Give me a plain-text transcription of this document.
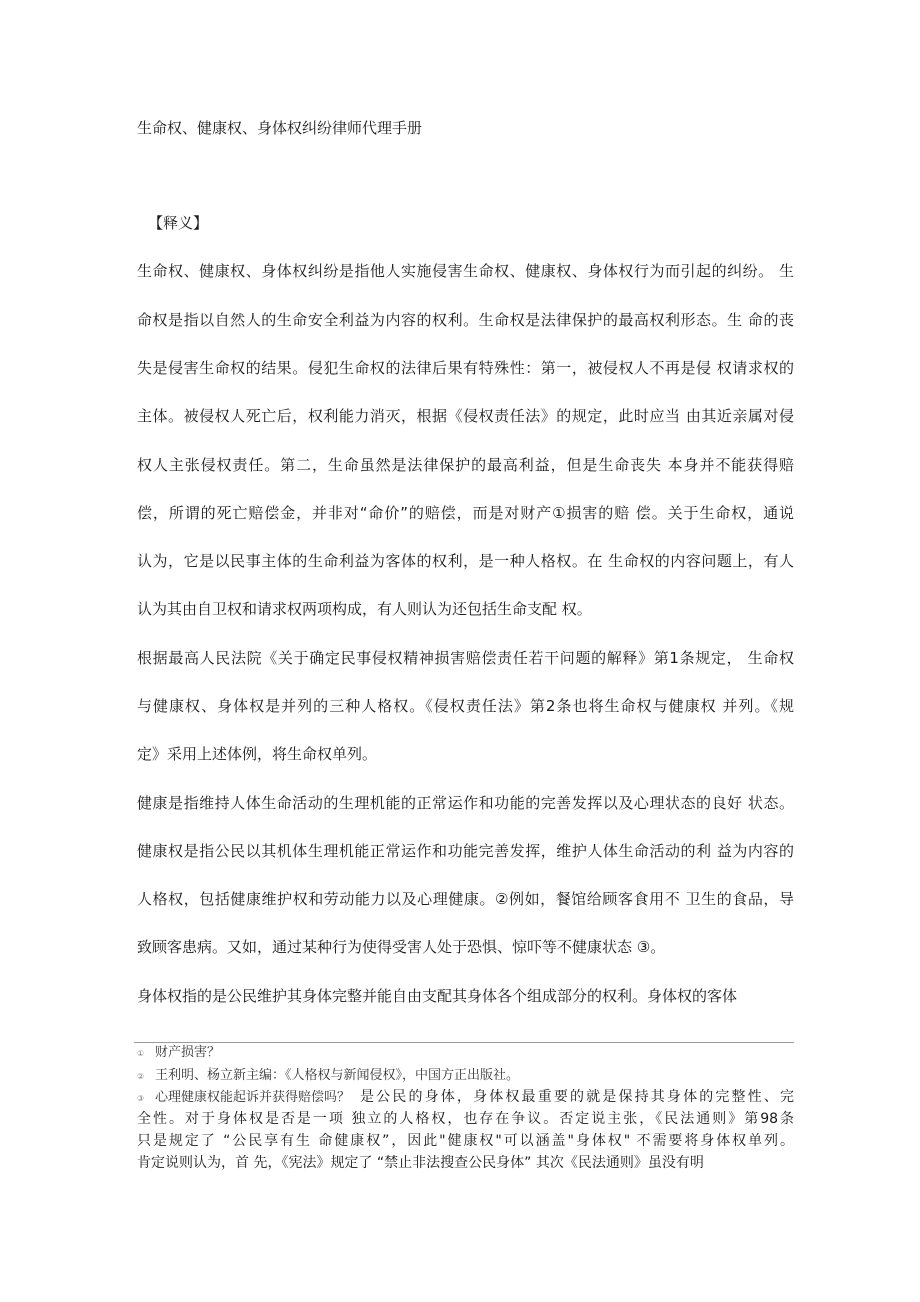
生命权、健康权、身体权纠纷律师代理手册
【释义】
生命权、健康权、身体权纠纷是指他人实施侵害生命权、健康权、身体权行为而引起的纠纷。 生
命权是指以自然人的生命安全利益为内容的权利。生命权是法律保护的最高权利形态。生 命的丧
失是侵害生命权的结果。侵犯生命权的法律后果有特殊性：第一，被侵权人不再是侵 权请求权的
主体。被侵权人死亡后，权利能力消灭，根据《侵权责任法》的规定，此时应当 由其近亲属对侵
权人主张侵权责任。第二，生命虽然是法律保护的最高利益，但是生命丧失 本身并不能获得赔
偿，所谓的死亡赔偿金，并非对“命价”的赔偿，而是对财产①损害的赔 偿。关于生命权，通说
认为，它是以民事主体的生命利益为客体的权利，是一种人格权。在 生命权的内容问题上，有人
认为其由自卫权和请求权两项构成，有人则认为还包括生命支配 权。
根据最高人民法院《关于确定民事侵权精神损害赔偿责任若干问题的解释》第1条规定， 生命权
与健康权、身体权是并列的三种人格权。《侵权责任法》第2条也将生命权与健康权 并列。《规
定》采用上述体例，将生命权单列。
健康是指维持人体生命活动的生理机能的正常运作和功能的完善发挥以及心理状态的良好 状态。
健康权是指公民以其机体生理机能正常运作和功能完善发挥，维护人体生命活动的利 益为内容的
人格权，包括健康维护权和劳动能力以及心理健康。②例如，餐馆给顾客食用不 卫生的食品，导
致顾客患病。又如，通过某种行为使得受害人处于恐惧、惊吓等不健康状态 ③。
身体权指的是公民维护其身体完整并能自由支配其身体各个组成部分的权利。身体权的客体
① 财产损害？
② 王利明、杨立新主编：《人格权与新闻侵权》，中国方正出版社。
③ 心理健康权能起诉并获得赔偿吗？ 是公民的身体，身体权最重要的就是保持其身体的完整性、完
全性。对于身体权是否是一项 独立的人格权，也存在争议。否定说主张，《民法通则》第98条
只是规定了 “公民享有生 命健康权”，因此"健康权"可以涵盖"身体权" 不需要将身体权单列。
肯定说则认为，首 先，《宪法》规定了 “禁止非法搜查公民身体” 其次《民法通则》虽没有明
